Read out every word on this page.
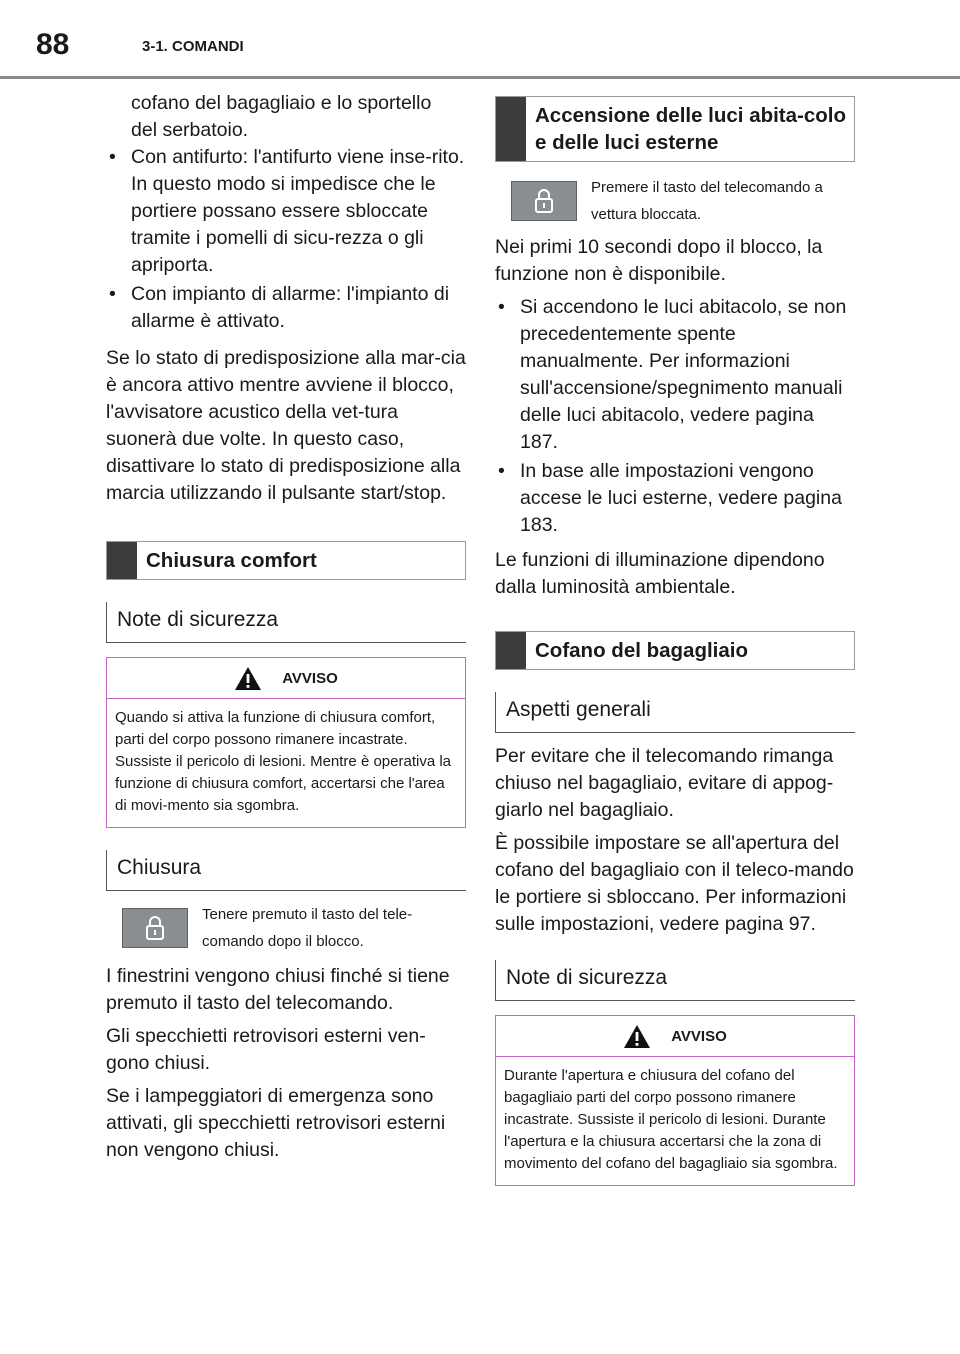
88	3-1. COMANDI

cofano del bagagliaio e lo sportello

del serbatoio.

• Con antifurto: l'antifurto viene inse-rito. In questo modo si impedisce che le portiere possano essere sbloccate tramite i pomelli di sicu-rezza o gli apriporta.

• Con impianto di allarme: l'impianto di allarme è attivato.

Se lo stato di predisposizione alla mar-cia è ancora attivo mentre avviene il blocco, l'avvisatore acustico della vet-tura suonerà due volte. In questo caso, disattivare lo stato di predisposizione alla marcia utilizzando il pulsante start/stop.

Chiusura comfort
Note di sicurezza
AVVISO
Quando si attiva la funzione di chiusura comfort, parti del corpo possono rimanere incastrate. Sussiste il pericolo di lesioni. Mentre è operativa la funzione di chiusura comfort, accertarsi che l'area di movi-mento sia sgombra.
Chiusura
Tenere premuto il tasto del tele-comando dopo il blocco.

I finestrini vengono chiusi finché si tiene premuto il tasto del telecomando.

Gli specchietti retrovisori esterni ven-gono chiusi.

Se i lampeggiatori di emergenza sono attivati, gli specchietti retrovisori esterni non vengono chiusi.

Accensione delle luci abita-colo e delle luci esterne
Premere il tasto del telecomando a vettura bloccata.

Nei primi 10 secondi dopo il blocco, la funzione non è disponibile.

• Si accendono le luci abitacolo, se non precedentemente spente manualmente. Per informazioni sull'accensione/spegnimento manuali delle luci abitacolo, vedere pagina 187.

• In base alle impostazioni vengono accese le luci esterne, vedere pagina 183.

Le funzioni di illuminazione dipendono dalla luminosità ambientale.

Cofano del bagagliaio
Aspetti generali

Per evitare che il telecomando rimanga chiuso nel bagagliaio, evitare di appog-giarlo nel bagagliaio.

È possibile impostare se all'apertura del cofano del bagagliaio con il teleco-mando le portiere si sbloccano. Per informazioni sulle impostazioni, vedere pagina 97.

Note di sicurezza
AVVISO
Durante l'apertura e chiusura del cofano del bagagliaio parti del corpo possono rimanere incastrate. Sussiste il pericolo di lesioni. Durante l'apertura e la chiusura accertarsi che la zona di movimento del cofano del bagagliaio sia sgombra.
